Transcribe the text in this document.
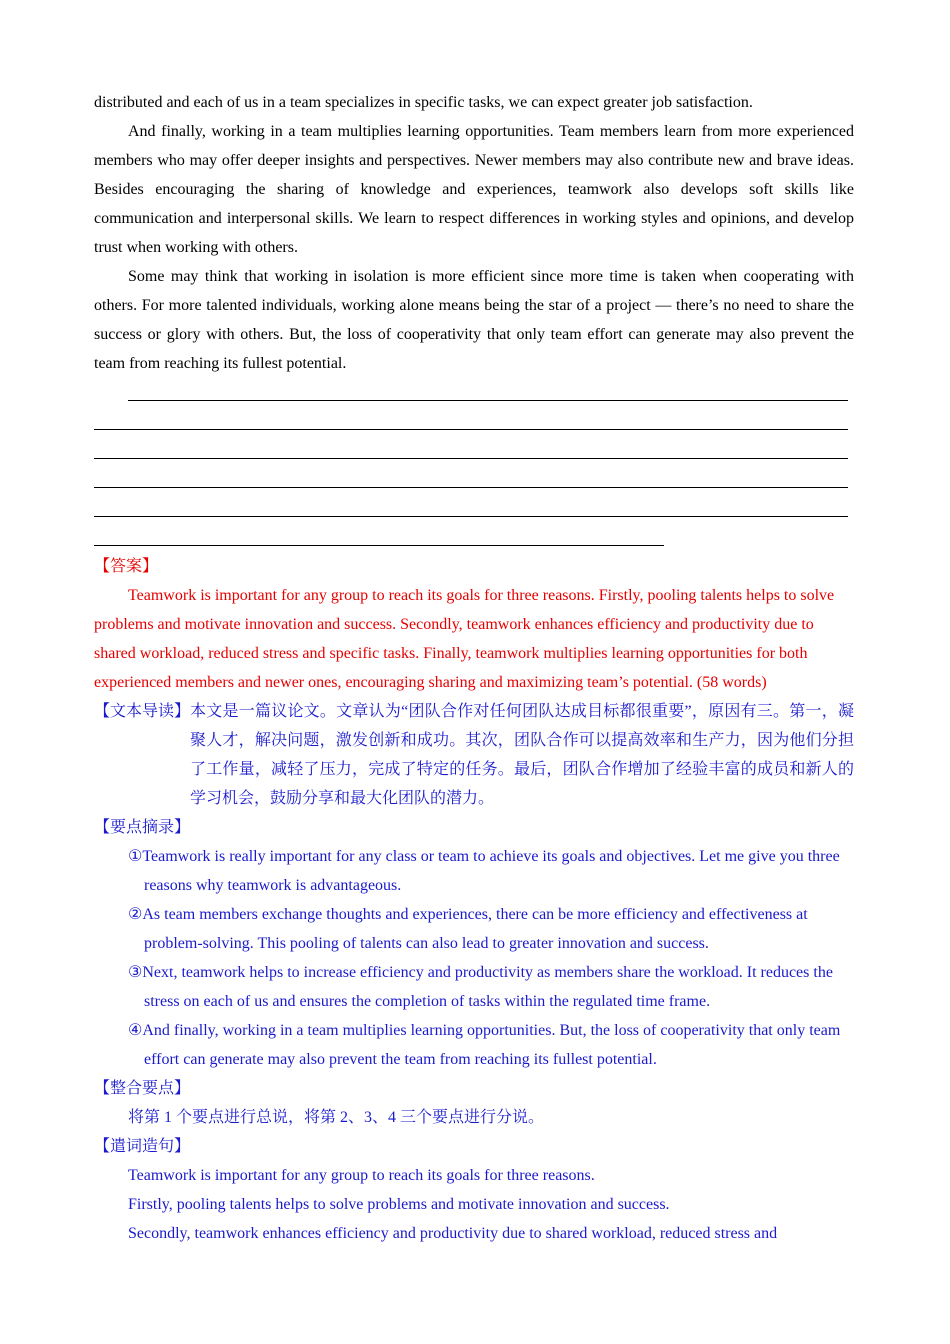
distributed and each of us in a team specializes in specific tasks, we can expect greater job satisfaction.

And finally, working in a team multiplies learning opportunities. Team members learn from more experienced members who may offer deeper insights and perspectives. Newer members may also contribute new and brave ideas. Besides encouraging the sharing of knowledge and experiences, teamwork also develops soft skills like communication and interpersonal skills. We learn to respect differences in working styles and opinions, and develop trust when working with others.

Some may think that working in isolation is more efficient since more time is taken when cooperating with others. For more talented individuals, working alone means being the star of a project — there’s no need to share the success or glory with others. But, the loss of cooperativity that only team effort can generate may also prevent the team from reaching its fullest potential.

【答案】

Teamwork is important for any group to reach its goals for three reasons. Firstly, pooling talents helps to solve problems and motivate innovation and success. Secondly, teamwork enhances efficiency and productivity due to shared workload, reduced stress and specific tasks. Finally, teamwork multiplies learning opportunities for both experienced members and newer ones, encouraging sharing and maximizing team’s potential. (58 words)

【文本导读】 本文是一篇议论文。文章认为“团队合作对任何团队达成目标都很重要”，原因有三。第一，凝聚人才，解决问题，激发创新和成功。其次，团队合作可以提高效率和生产力，因为他们分担了工作量，减轻了压力，完成了特定的任务。最后，团队合作增加了经验丰富的成员和新人的学习机会，鼓励分享和最大化团队的潜力。

【要点摘录】

①Teamwork is really important for any class or team to achieve its goals and objectives. Let me give you three reasons why teamwork is advantageous.

②As team members exchange thoughts and experiences, there can be more efficiency and effectiveness at problem-solving. This pooling of talents can also lead to greater innovation and success.

③Next, teamwork helps to increase efficiency and productivity as members share the workload. It reduces the stress on each of us and ensures the completion of tasks within the regulated time frame.

④And finally, working in a team multiplies learning opportunities. But, the loss of cooperativity that only team effort can generate may also prevent the team from reaching its fullest potential.

【整合要点】

将第 1 个要点进行总说，将第 2、3、4 三个要点进行分说。

【遣词造句】

Teamwork is important for any group to reach its goals for three reasons.

Firstly, pooling talents helps to solve problems and motivate innovation and success.

Secondly, teamwork enhances efficiency and productivity due to shared workload, reduced stress and
